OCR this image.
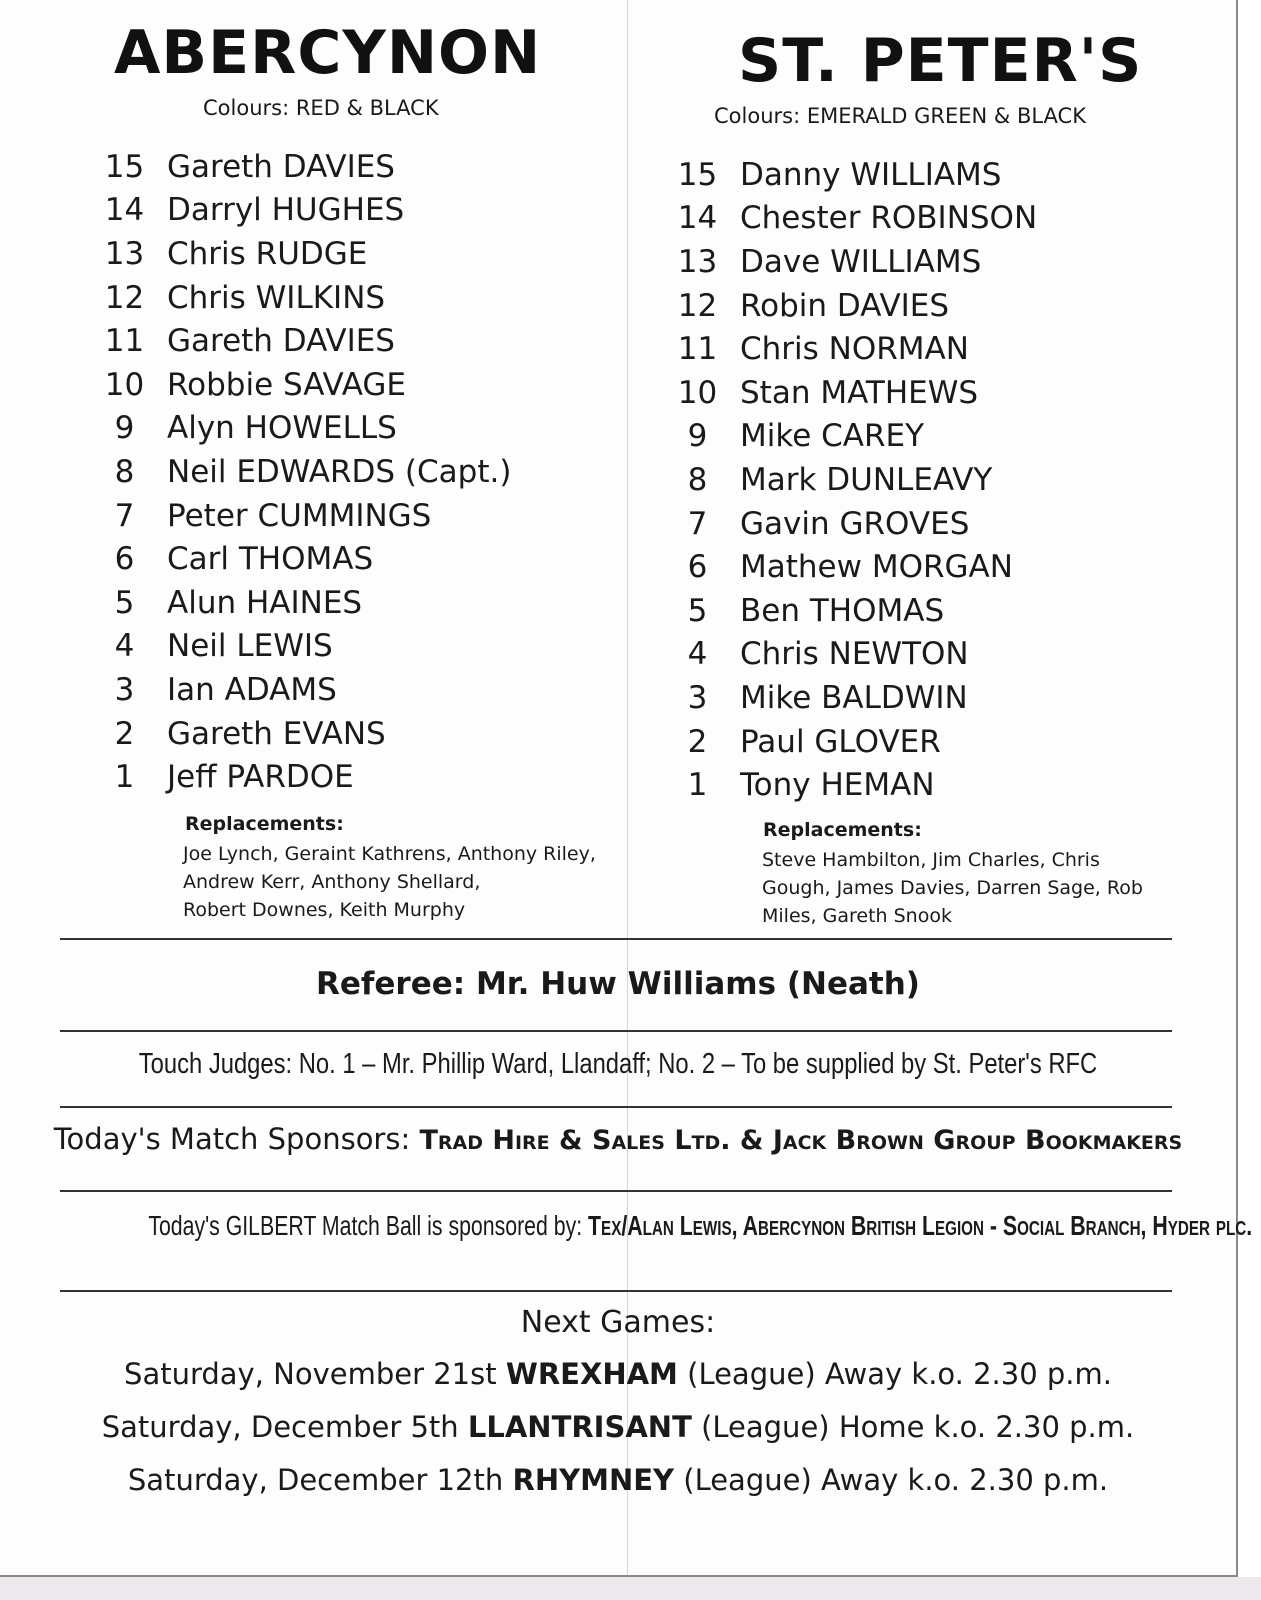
ABERCYNON

Colours: RED & BLACK

15 Gareth DAVIES
14 Darryl HUGHES
13 Chris RUDGE
12 Chris WILKINS
11 Gareth DAVIES
10 Robbie SAVAGE
9	Alyn HOWELLS
8	Neil EDWARDS (Capt.)
7	Peter CUMMINGS
6	Carl THOMAS
5	Alun HAINES
4	Neil LEWIS
3	Ian ADAMS
2	Gareth EVANS
1	Jeff PARDOE

Replacements:

Joe Lynch, Geraint Kathrens, Anthony Riley,
Andrew Kerr, Anthony Shellard,
Robert Downes, Keith Murphy
ST. PETER'S

Colours: EMERALD GREEN & BLACK

15 Danny WILLIAMS
14 Chester ROBINSON
13 Dave WILLIAMS
12 Robin DAVIES
11 Chris NORMAN
10 Stan MATHEWS
9	Mike CAREY
8	Mark DUNLEAVY
7	Gavin GROVES
6	Mathew MORGAN
5	Ben THOMAS
4	Chris NEWTON
3	Mike BALDWIN
2	Paul GLOVER
1	Tony HEMAN

Replacements:

Steve Hambilton, Jim Charles, Chris
Gough, James Davies, Darren Sage, Rob
Miles, Gareth Snook

Referee: Mr. Huw Williams (Neath)

Touch Judges: No. 1 – Mr. Phillip Ward, Llandaff; No. 2 – To be supplied by St. Peter's RFC

Today's Match Sponsors: Trad Hire & Sales Ltd. & Jack Brown Group Bookmakers

Today's GILBERT Match Ball is sponsored by: Tex/Alan Lewis, Abercynon British Legion - Social Branch, Hyder plc.

Next Games:

Saturday, November 21st WREXHAM (League) Away k.o. 2.30 p.m.

Saturday, December 5th LLANTRISANT (League) Home k.o. 2.30 p.m.

Saturday, December 12th RHYMNEY (League) Away k.o. 2.30 p.m.
